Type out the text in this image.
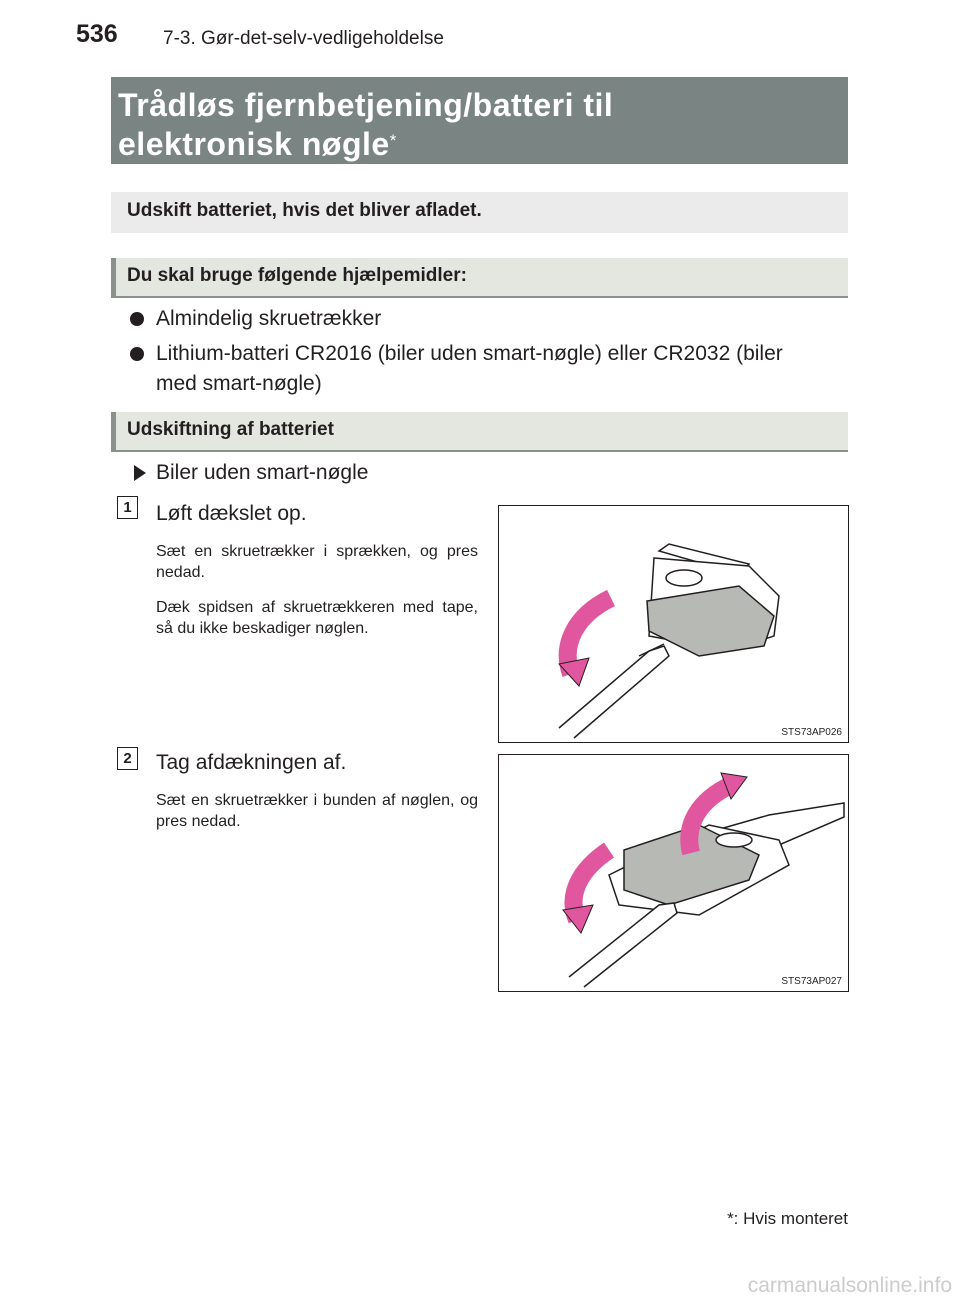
536 7-3. Gør-det-selv-vedligeholdelse
Trådløs fjernbetjening/batteri til
elektronisk nøgle*
Udskift batteriet, hvis det bliver afladet.
Du skal bruge følgende hjælpemidler:
Almindelig skruetrækker
Lithium-batteri CR2016 (biler uden smart-nøgle) eller CR2032 (biler
med smart-nøgle)
Udskiftning af batteriet
Biler uden smart-nøgle
1	Løft dækslet op.
Sæt en skruetrækker i sprækken, og pres nedad.
Dæk spidsen af skruetrækkeren med tape, så du ikke beskadiger nøglen.
STS73AP026
2	Tag afdækningen af.
Sæt en skruetrækker i bunden af nøglen, og pres nedad.
STS73AP027
*: Hvis monteret
carmanualsonline.info
